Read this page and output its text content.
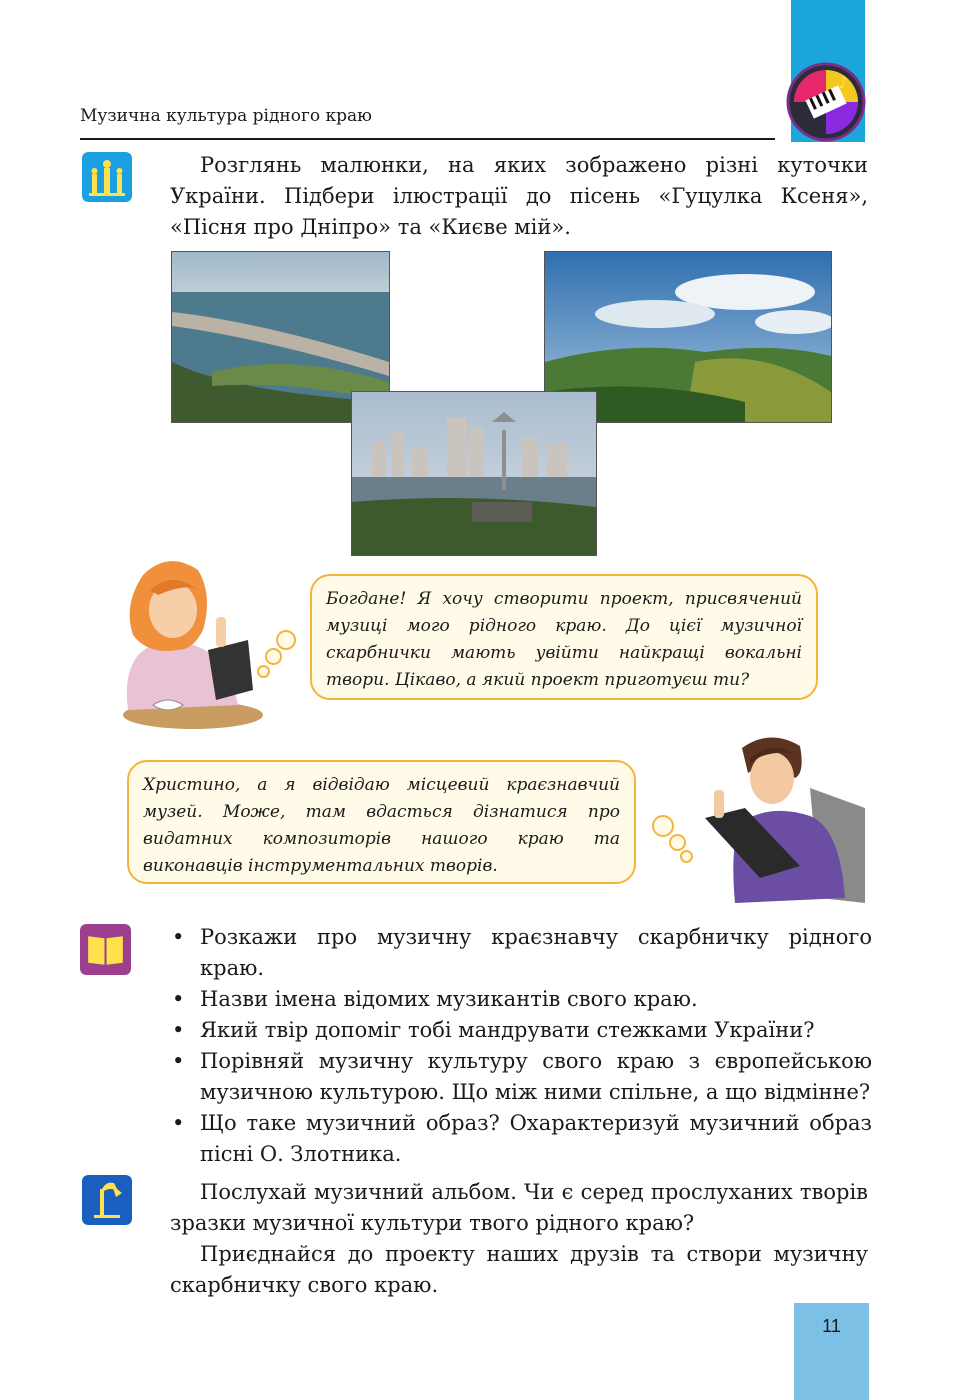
♪
Музична культура рідного краю
Розглянь малюнки, на яких зображено різні куточки України. Підбери ілюстрації до пісень «Гуцулка Ксеня», «Пісня про Дніпро» та «Києве мій».
Богдане! Я хочу створити проект, присвячений музиці мого рідного краю. До цієї музичної скарбнички мають увійти найкращі вокальні твори. Цікаво, а який проект приготуєш ти?
Христино, а я відвідаю місцевий краєзнавчий музей. Може, там вдасться дізнатися про видатних композиторів нашого краю та виконавців інструментальних творів.
• Розкажи про музичну краєзнавчу скарбничку рідного краю.
• Назви імена відомих музикантів свого краю.
• Який твір допоміг тобі мандрувати стежками України?
• Порівняй музичну культуру свого краю з європейською музичною культурою. Що між ними спільне, а що відмінне?
• Що таке музичний образ? Охарактеризуй музичний образ пісні О. Злотника.
Послухай музичний альбом. Чи є серед прослуханих творів зразки музичної культури твого рідного краю?
Приєднайся до проекту наших друзів та створи музичну скарбничку свого краю.
11
